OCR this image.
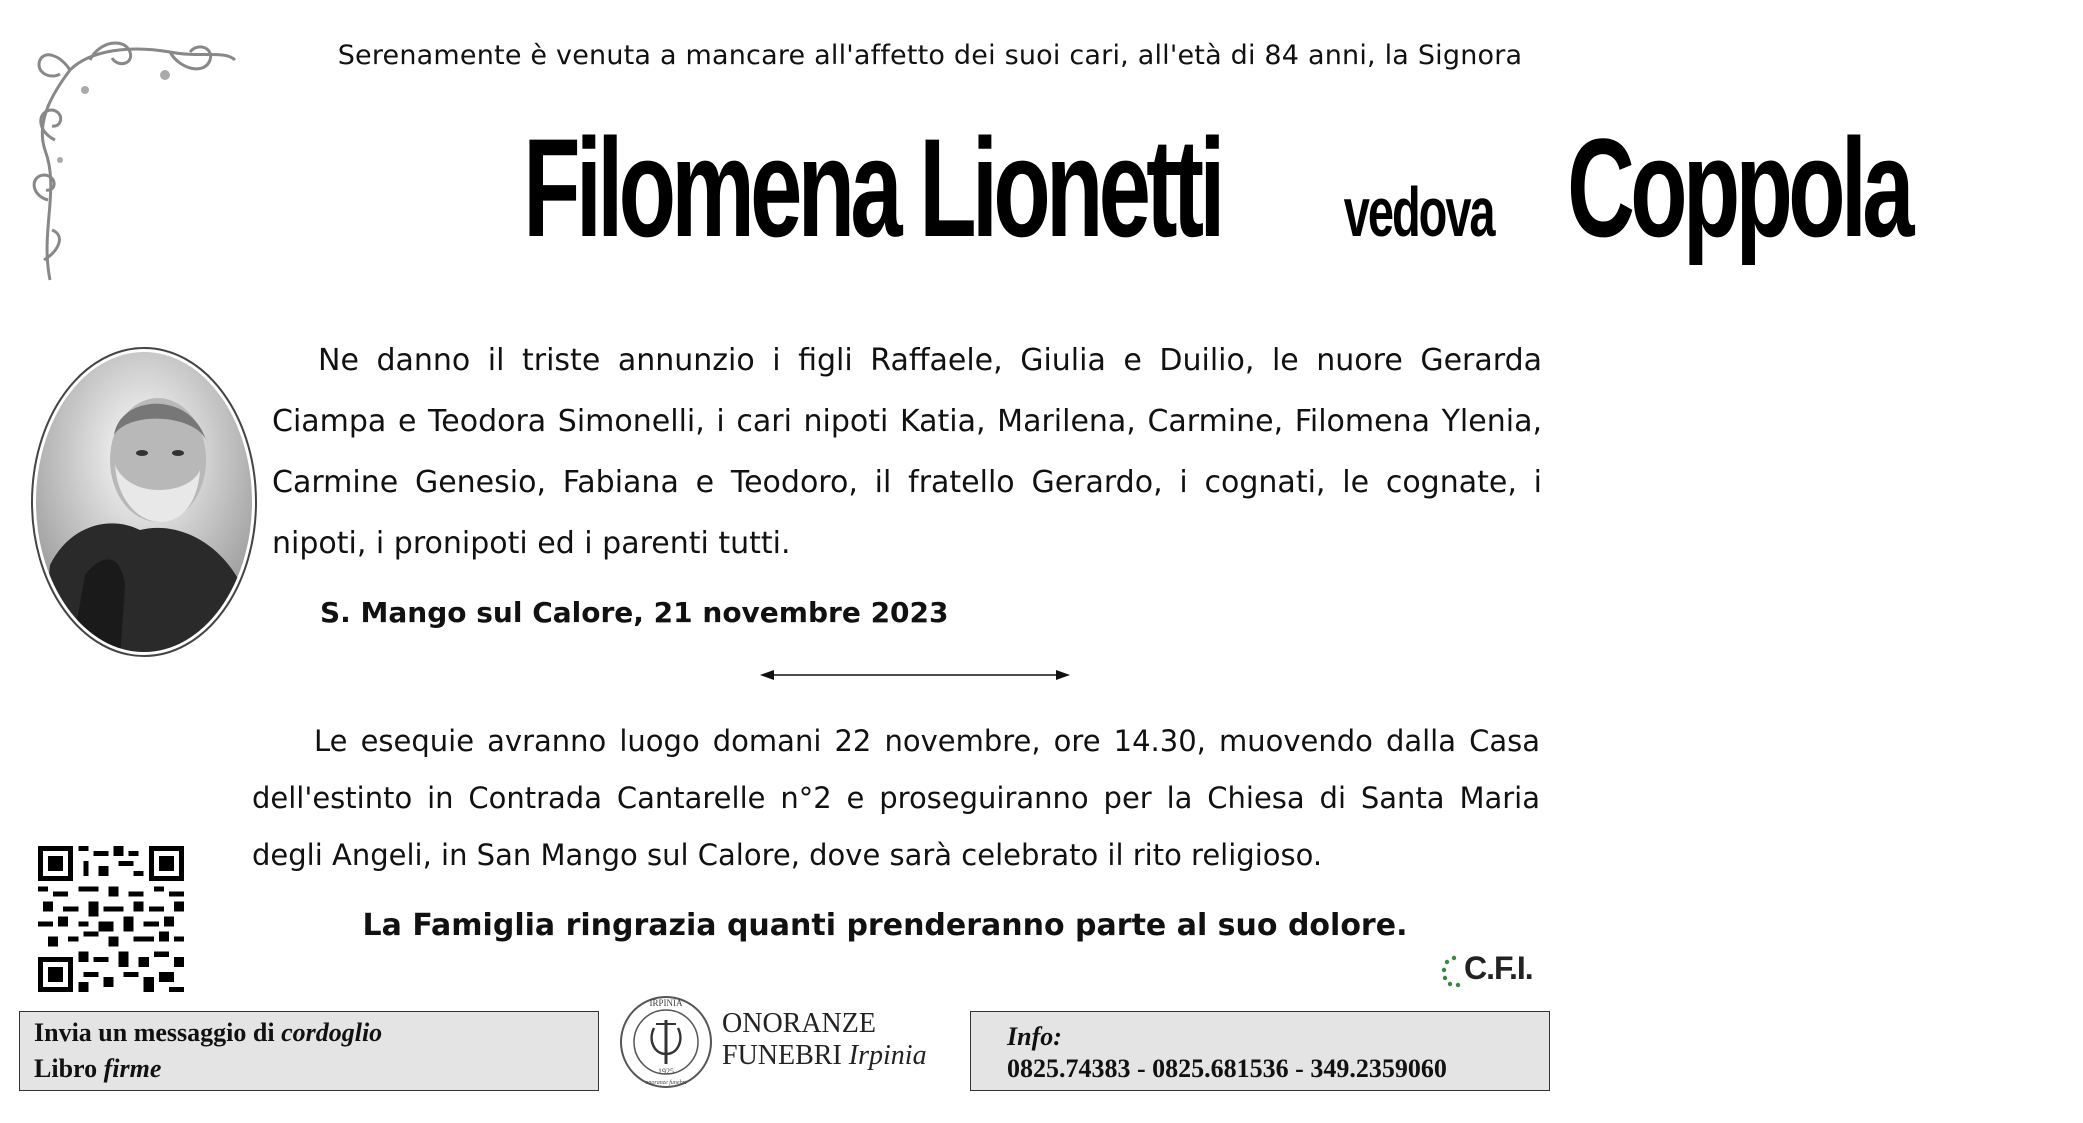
Serenamente è venuta a mancare all'affetto dei suoi cari, all'età di 84 anni, la Signora
Filomena Lionetti vedova Coppola
Ne danno il triste annunzio i figli Raffaele, Giulia e Duilio, le nuore Gerarda Ciampa e Teodora Simonelli, i cari nipoti Katia, Marilena, Carmine, Filomena Ylenia, Carmine Genesio, Fabiana e Teodoro, il fratello Gerardo, i cognati, le cognate, i nipoti, i pronipoti ed i parenti tutti.
S. Mango sul Calore, 21 novembre 2023
Le esequie avranno luogo domani 22 novembre, ore 14.30, muovendo dalla Casa dell'estinto in Contrada Cantarelle n°2 e proseguiranno per la Chiesa di Santa Maria degli Angeli, in San Mango sul Calore, dove sarà celebrato il rito religioso.
La Famiglia ringrazia quanti prenderanno parte al suo dolore.
C.F.I.
Invia un messaggio di cordoglio
Libro firme
IRPINIA
1925
onoranze funebri
ONORANZE
FUNEBRI Irpinia
Info:
0825.74383 - 0825.681536 - 349.2359060
